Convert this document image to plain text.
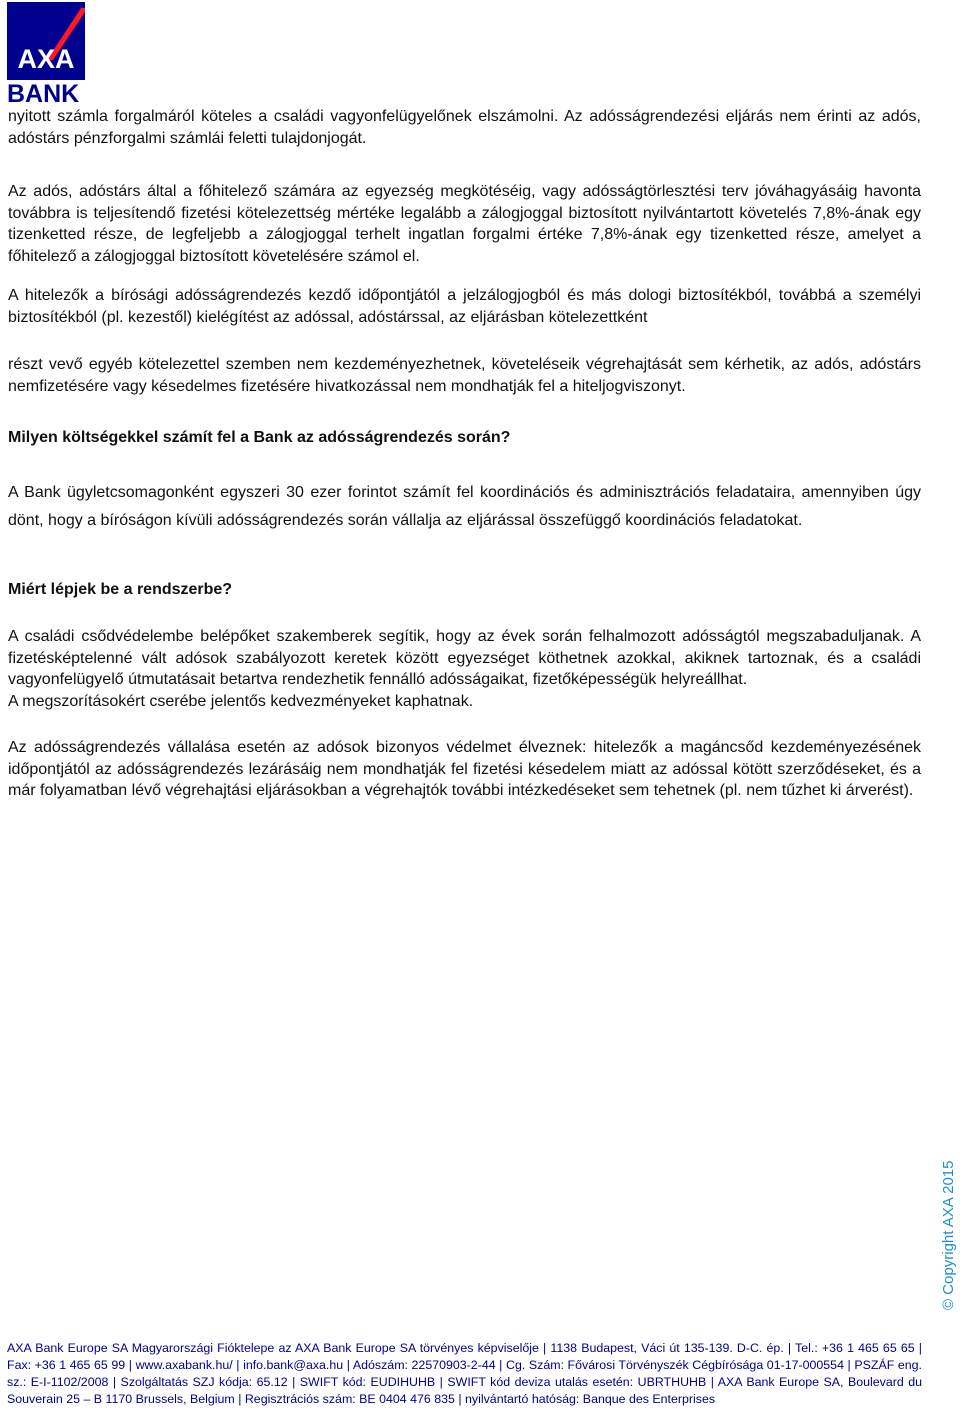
AXA
BANK

nyitott számla forgalmáról köteles a családi vagyonfelügyelőnek elszámolni. Az adósságrendezési eljárás nem érinti az adós, adóstárs pénzforgalmi számlái feletti tulajdonjogát.

Az adós, adóstárs által a főhitelező számára az egyezség megkötéséig, vagy adósságtörlesztési terv jóváhagyásáig havonta továbbra is teljesítendő fizetési kötelezettség mértéke legalább a zálogjoggal biztosított nyilvántartott követelés 7,8%-ának egy tizenketted része, de legfeljebb a zálogjoggal terhelt ingatlan forgalmi értéke 7,8%-ának egy tizenketted része, amelyet a főhitelező a zálogjoggal biztosított követelésére számol el.

A hitelezők a bírósági adósságrendezés kezdő időpontjától a jelzálogjogból és más dologi biztosítékból, továbbá a személyi biztosítékból (pl. kezestől) kielégítést az adóssal, adóstárssal, az eljárásban kötelezettként

részt vevő egyéb kötelezettel szemben nem kezdeményezhetnek, követeléseik végrehajtását sem kérhetik, az adós, adóstárs nemfizetésére vagy késedelmes fizetésére hivatkozással nem mondhatják fel a hiteljogviszonyt.

Milyen költségekkel számít fel a Bank az adósságrendezés során?

A Bank ügyletcsomagonként egyszeri 30 ezer forintot számít fel koordinációs és adminisztrációs feladataira, amennyiben úgy dönt, hogy a bíróságon kívüli adósságrendezés során vállalja az eljárással összefüggő koordinációs feladatokat.

Miért lépjek be a rendszerbe?

A családi csődvédelembe belépőket szakemberek segítik, hogy az évek során felhalmozott adósságtól megszabaduljanak. A fizetésképtelenné vált adósok szabályozott keretek között egyezséget köthetnek azokkal, akiknek tartoznak, és a családi vagyonfelügyelő útmutatásait betartva rendezhetik fennálló adósságaikat, fizetőképességük helyreállhat.

A megszorításokért cserébe jelentős kedvezményeket kaphatnak.

Az adósságrendezés vállalása esetén az adósok bizonyos védelmet élveznek: hitelezők a magáncsőd kezdeményezésének időpontjától az adósságrendezés lezárásáig nem mondhatják fel fizetési késedelem miatt az adóssal kötött szerződéseket, és a már folyamatban lévő végrehajtási eljárásokban a végrehajtók további intézkedéseket sem tehetnek (pl. nem tűzhet ki árverést).

© Copyright AXA 2015
AXA Bank Europe SA Magyarországi Fióktelepe az AXA Bank Europe SA törvényes képviselője | 1138 Budapest, Váci út 135-139. D-C. ép. | Tel.: +36 1 465 65 65 | Fax: +36 1 465 65 99 | www.axabank.hu/ | info.bank@axa.hu | Adószám: 22570903-2-44 | Cg. Szám: Fővárosi Törvényszék Cégbírósága 01-17-000554 | PSZÁF eng. sz.: E-I-1102/2008 | Szolgáltatás SZJ kódja: 65.12 | SWIFT kód: EUDIHUHB | SWIFT kód deviza utalás esetén: UBRTHUHB | AXA Bank Europe SA, Boulevard du Souverain 25 – B 1170 Brussels, Belgium | Regisztrációs szám: BE 0404 476 835 | nyilvántartó hatóság: Banque des Enterprises
